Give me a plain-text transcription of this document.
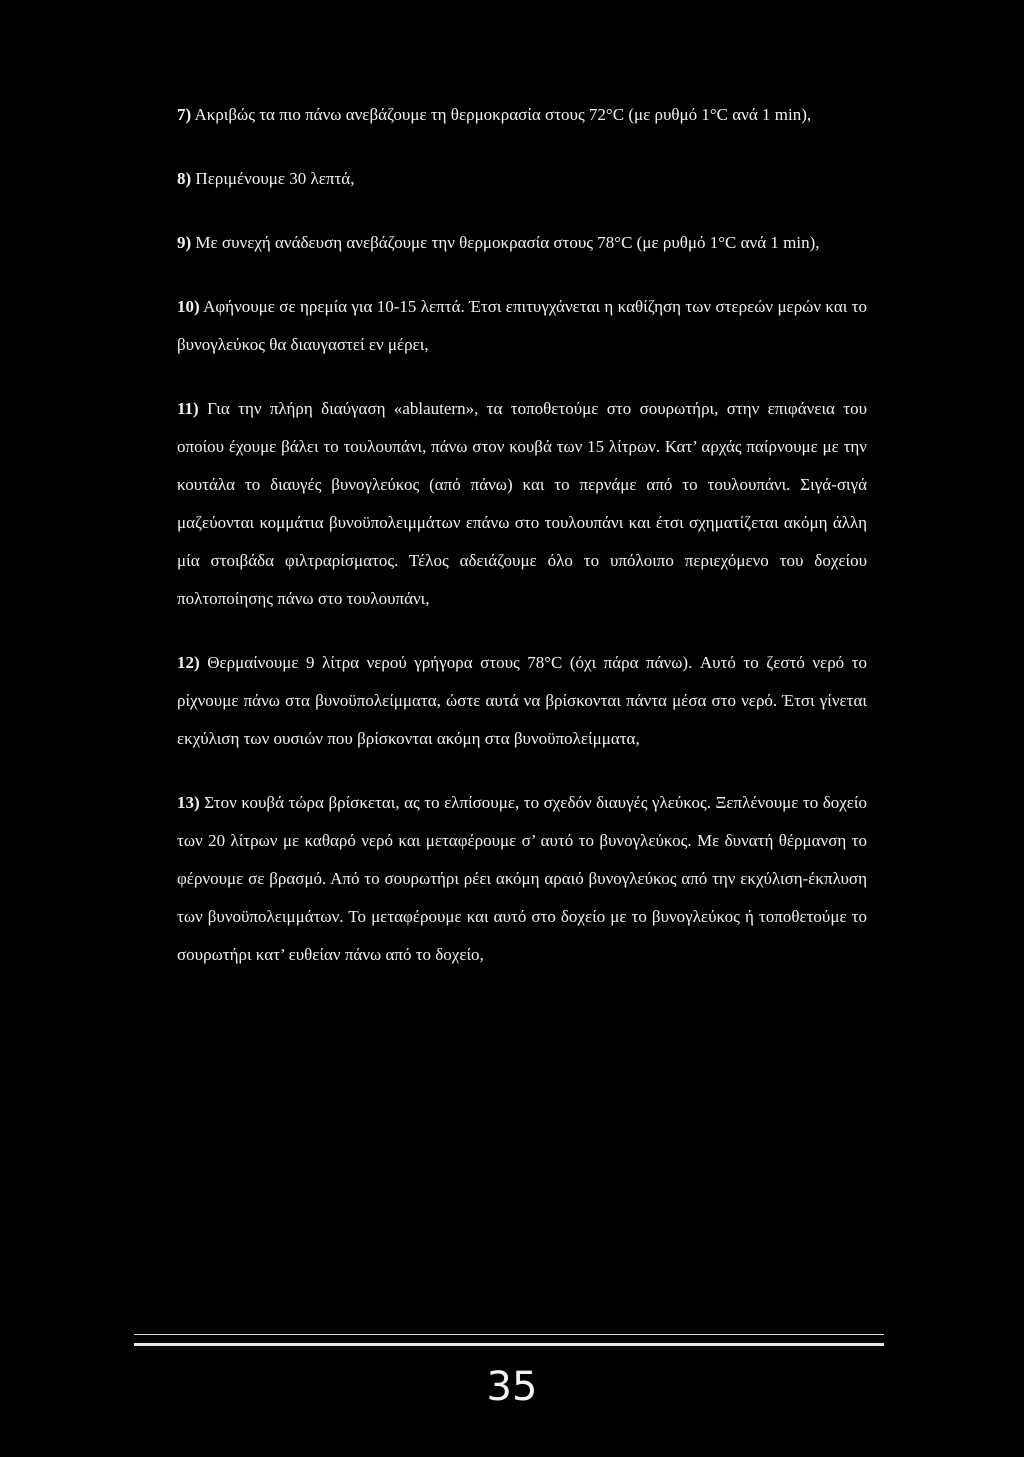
7) Ακριβώς τα πιο πάνω ανεβάζουμε τη θερμοκρασία στους 72°C (με ρυθμό 1°C ανά 1 min),

8) Περιμένουμε 30 λεπτά,

9) Με συνεχή ανάδευση ανεβάζουμε την θερμοκρασία στους 78°C (με ρυθμό 1°C ανά 1 min),

10) Αφήνουμε σε ηρεμία για 10-15 λεπτά. Έτσι επιτυγχάνεται η καθίζηση των στερεών μερών και το βυνογλεύκος θα διαυγαστεί εν μέρει,

11) Για την πλήρη διαύγαση «ablautern», τα τοποθετούμε στο σουρωτήρι, στην επιφάνεια του οποίου έχουμε βάλει το τουλουπάνι, πάνω στον κουβά των 15 λίτρων. Κατ’ αρχάς παίρνουμε με την κουτάλα το διαυγές βυνογλεύκος (από πάνω) και το περνάμε από το τουλουπάνι. Σιγά-σιγά μαζεύονται κομμάτια βυνοϋπολειμμάτων επάνω στο τουλουπάνι και έτσι σχηματίζεται ακόμη άλλη μία στοιβάδα φιλτραρίσματος. Τέλος αδειάζουμε όλο το υπόλοιπο περιεχόμενο του δοχείου πολτοποίησης πάνω στο τουλουπάνι,

12) Θερμαίνουμε 9 λίτρα νερού γρήγορα στους 78°C (όχι πάρα πάνω). Αυτό το ζεστό νερό το ρίχνουμε πάνω στα βυνοϋπολείμματα, ώστε αυτά να βρίσκονται πάντα μέσα στο νερό. Έτσι γίνεται εκχύλιση των ουσιών που βρίσκονται ακόμη στα βυνοϋπολείμματα,

13) Στον κουβά τώρα βρίσκεται, ας το ελπίσουμε, το σχεδόν διαυγές γλεύκος. Ξεπλένουμε το δοχείο των 20 λίτρων με καθαρό νερό και μεταφέρουμε σ’ αυτό το βυνογλεύκος. Με δυνατή θέρμανση το φέρνουμε σε βρασμό. Από το σουρωτήρι ρέει ακόμη αραιό βυνογλεύκος από την εκχύλιση-έκπλυση των βυνοϋπολειμμάτων. Το μεταφέρουμε και αυτό στο δοχείο με το βυνογλεύκος ή τοποθετούμε το σουρωτήρι κατ’ ευθείαν πάνω από το δοχείο,

35
